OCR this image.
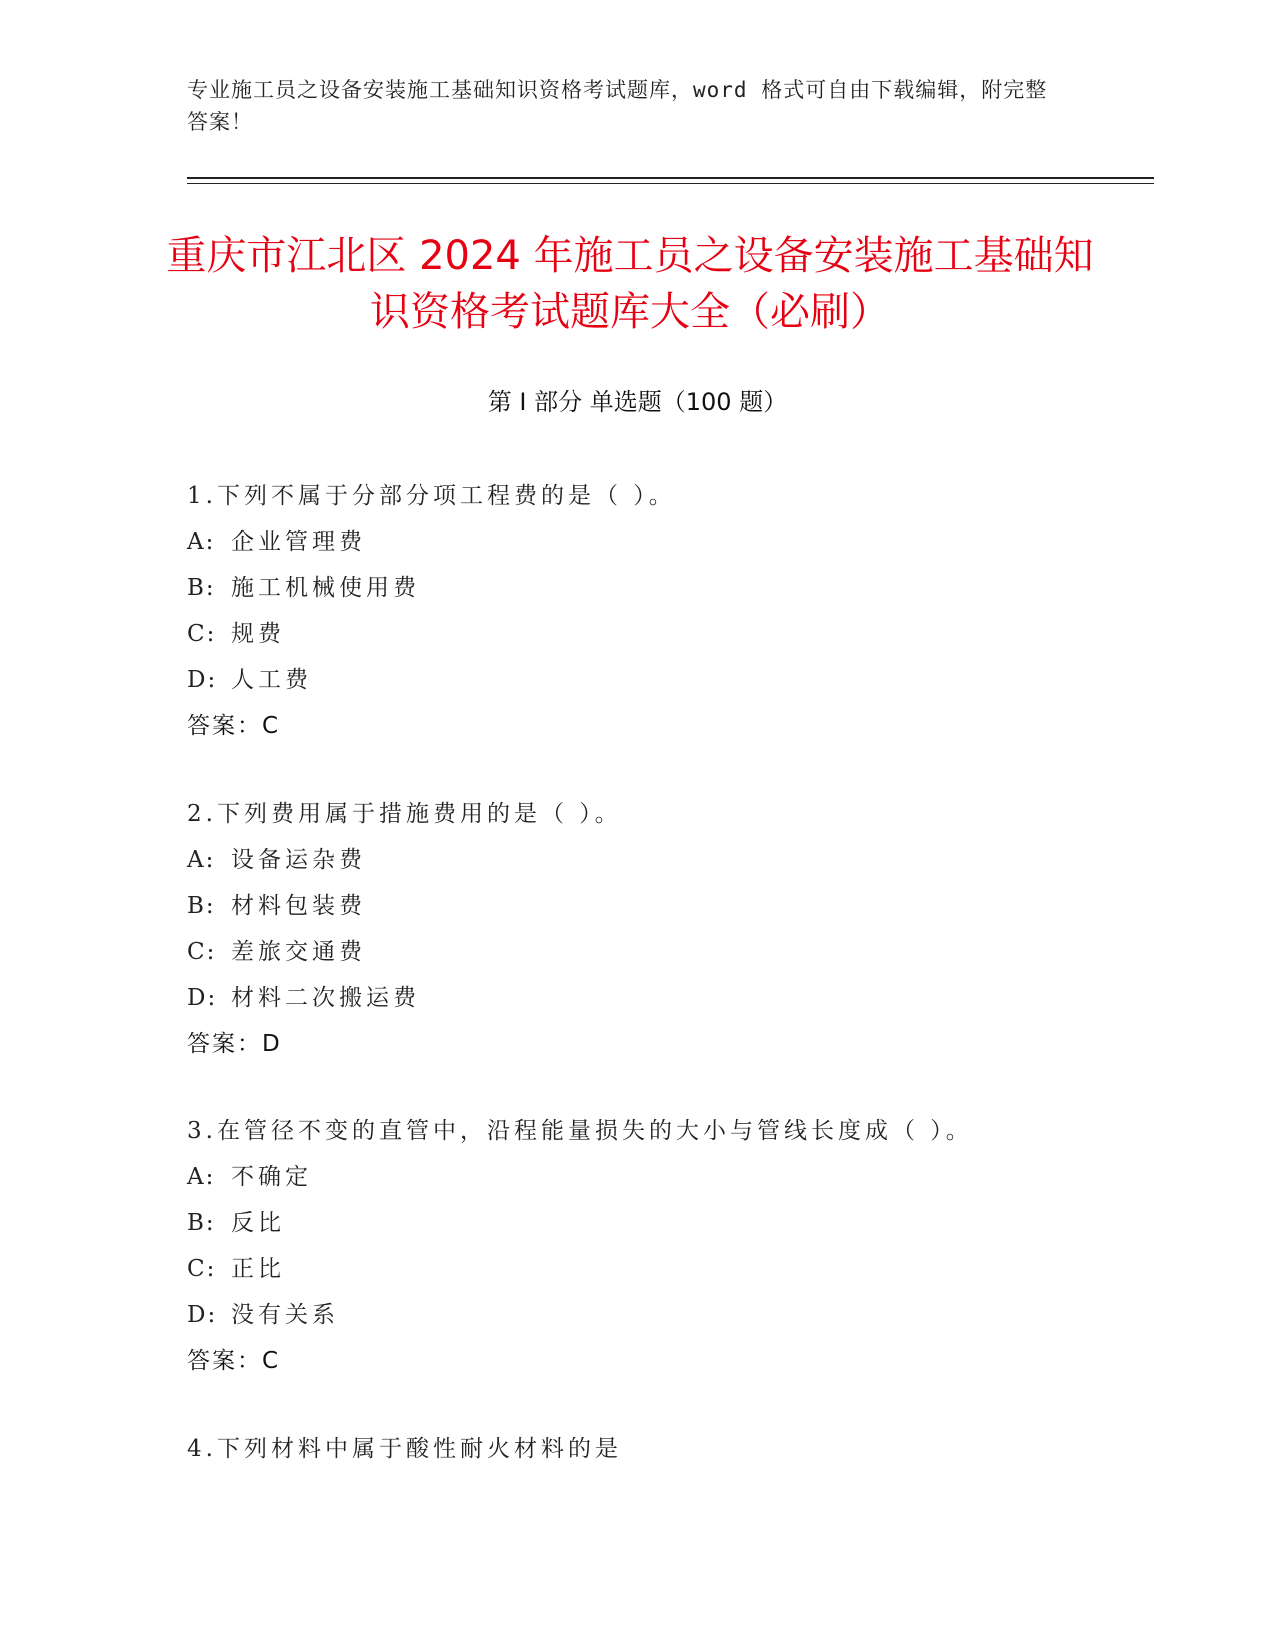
专业施工员之设备安装施工基础知识资格考试题库，word 格式可自由下载编辑，附完整答案！
重庆市江北区 2024 年施工员之设备安装施工基础知识资格考试题库大全（必刷）
第 I 部分 单选题（100 题）
1.下列不属于分部分项工程费的是（ ）。
A: 企业管理费
B: 施工机械使用费
C: 规费
D: 人工费
答案：C
2.下列费用属于措施费用的是（ ）。
A: 设备运杂费
B: 材料包装费
C: 差旅交通费
D: 材料二次搬运费
答案：D
3.在管径不变的直管中，沿程能量损失的大小与管线长度成（ ）。
A: 不确定
B: 反比
C: 正比
D: 没有关系
答案：C
4.下列材料中属于酸性耐火材料的是
